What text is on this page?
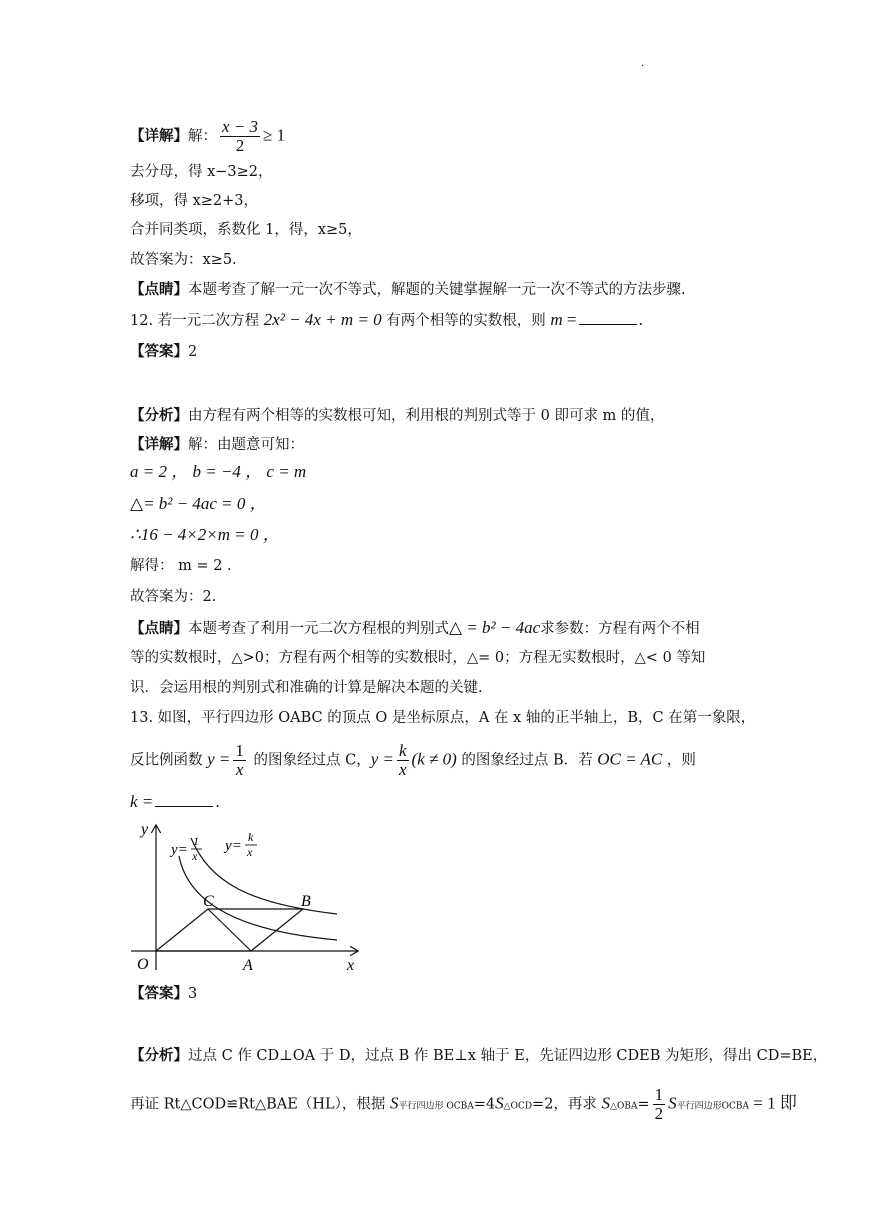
.
【详解】解： $\frac{x - 3}{2} \ge 1$
去分母，得 x−3≥2，
移项，得 x≥2+3，
合并同类项，系数化 1，得，x≥5，
故答案为：x≥5.
【点睛】本题考查了解一元一次不等式，解题的关键掌握解一元一次不等式的方法步骤.
12. 若一元二次方程 2x² − 4x + m = 0 有两个相等的实数根，则 m =	.
【答案】2
【分析】由方程有两个相等的实数根可知，利用根的判别式等于 0 即可求 m 的值，
【详解】解：由题意可知：
a = 2 ， b = −4 ， c = m
△= b² − 4ac = 0 ，
∴16 − 4×2×m = 0 ，
解得： m = 2 .
故答案为：2.
【点睛】本题考查了利用一元二次方程根的判别式△ = b² − 4ac求参数：方程有两个不相
等的实数根时，△>0；方程有两个相等的实数根时，△= 0；方程无实数根时，△< 0 等知
识．会运用根的判别式和准确的计算是解决本题的关键.
13. 如图，平行四边形 OABC 的顶点 O 是坐标原点，A 在 x 轴的正半轴上，B，C 在第一象限，
反比例函数 $y = \frac{1}{x}$ 的图象经过点 C，$y = \frac{k}{x} (k \ne 0)$ 的图象经过点 B．若 OC = AC ，则
k =	.
y
x
O	A
B
C
y=
1
x
y=
k
x
【答案】3
【分析】过点 C 作 CD⊥OA 于 D，过点 B 作 BE⊥x 轴于 E，先证四边形 CDEB 为矩形，得出 CD=BE，
再证 Rt△COD≌Rt△BAE（HL），根据 S平行四边形 OCBA=4S△OCD=2，再求 S△OBA= $\frac{1}{2}$ S平行四边形OCBA = 1 即
